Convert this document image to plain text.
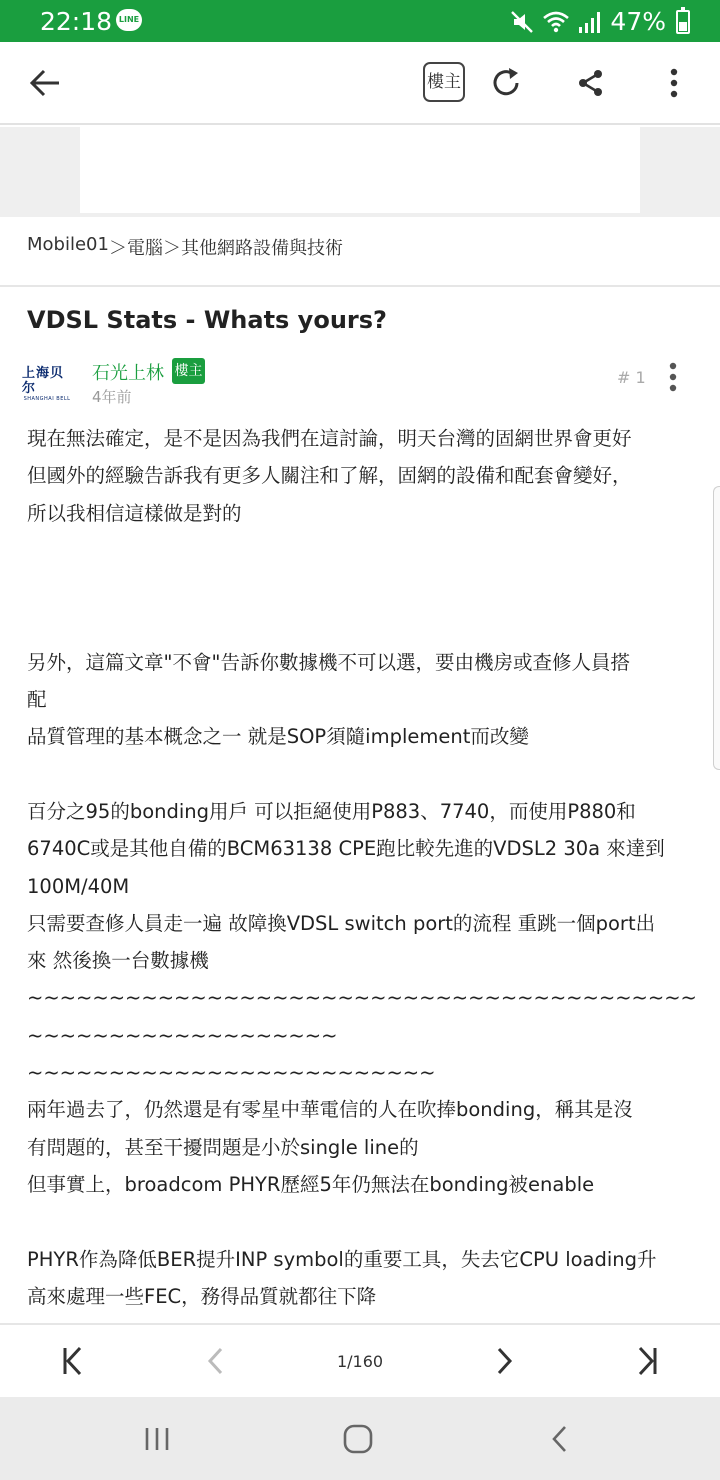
22:18 LINE	47%
樓主
Mobile01 ＞ 電腦 ＞ 其他網路設備與技術
VDSL Stats - Whats yours?
上海贝尔
SHANGHAI BELL
石光上林 樓主
4年前
# 1

現在無法確定，是不是因為我們在這討論，明天台灣的固網世界會更好
但國外的經驗告訴我有更多人關注和了解，固網的設備和配套會變好，
所以我相信這樣做是對的

另外，這篇文章"不會"告訴你數據機不可以選，要由機房或查修人員搭
配
品質管理的基本概念之一 就是SOP須隨implement而改變

百分之95的bonding用戶 可以拒絕使用P883、7740，而使用P880和
6740C或是其他自備的BCM63138 CPE跑比較先進的VDSL2 30a 來達到
100M/40M
只需要查修人員走一遍 故障換VDSL switch port的流程 重跳一個port出
來 然後換一台數據機
~~~~~~~~~~~~~~~~~~~~~~~~~~~~~~~~~~~~~~~~~~~~~~~~~~~~~~~~~~~~
~~~~~~~~~~~~~~~~~~~~~~~~~
兩年過去了，仍然還是有零星中華電信的人在吹捧bonding，稱其是沒
有問題的，甚至干擾問題是小於single line的
但事實上，broadcom PHYR歷經5年仍無法在bonding被enable

PHYR作為降低BER提升INP symbol的重要工具，失去它CPU loading升
高來處理一些FEC，務得品質就都往下降

1/160
